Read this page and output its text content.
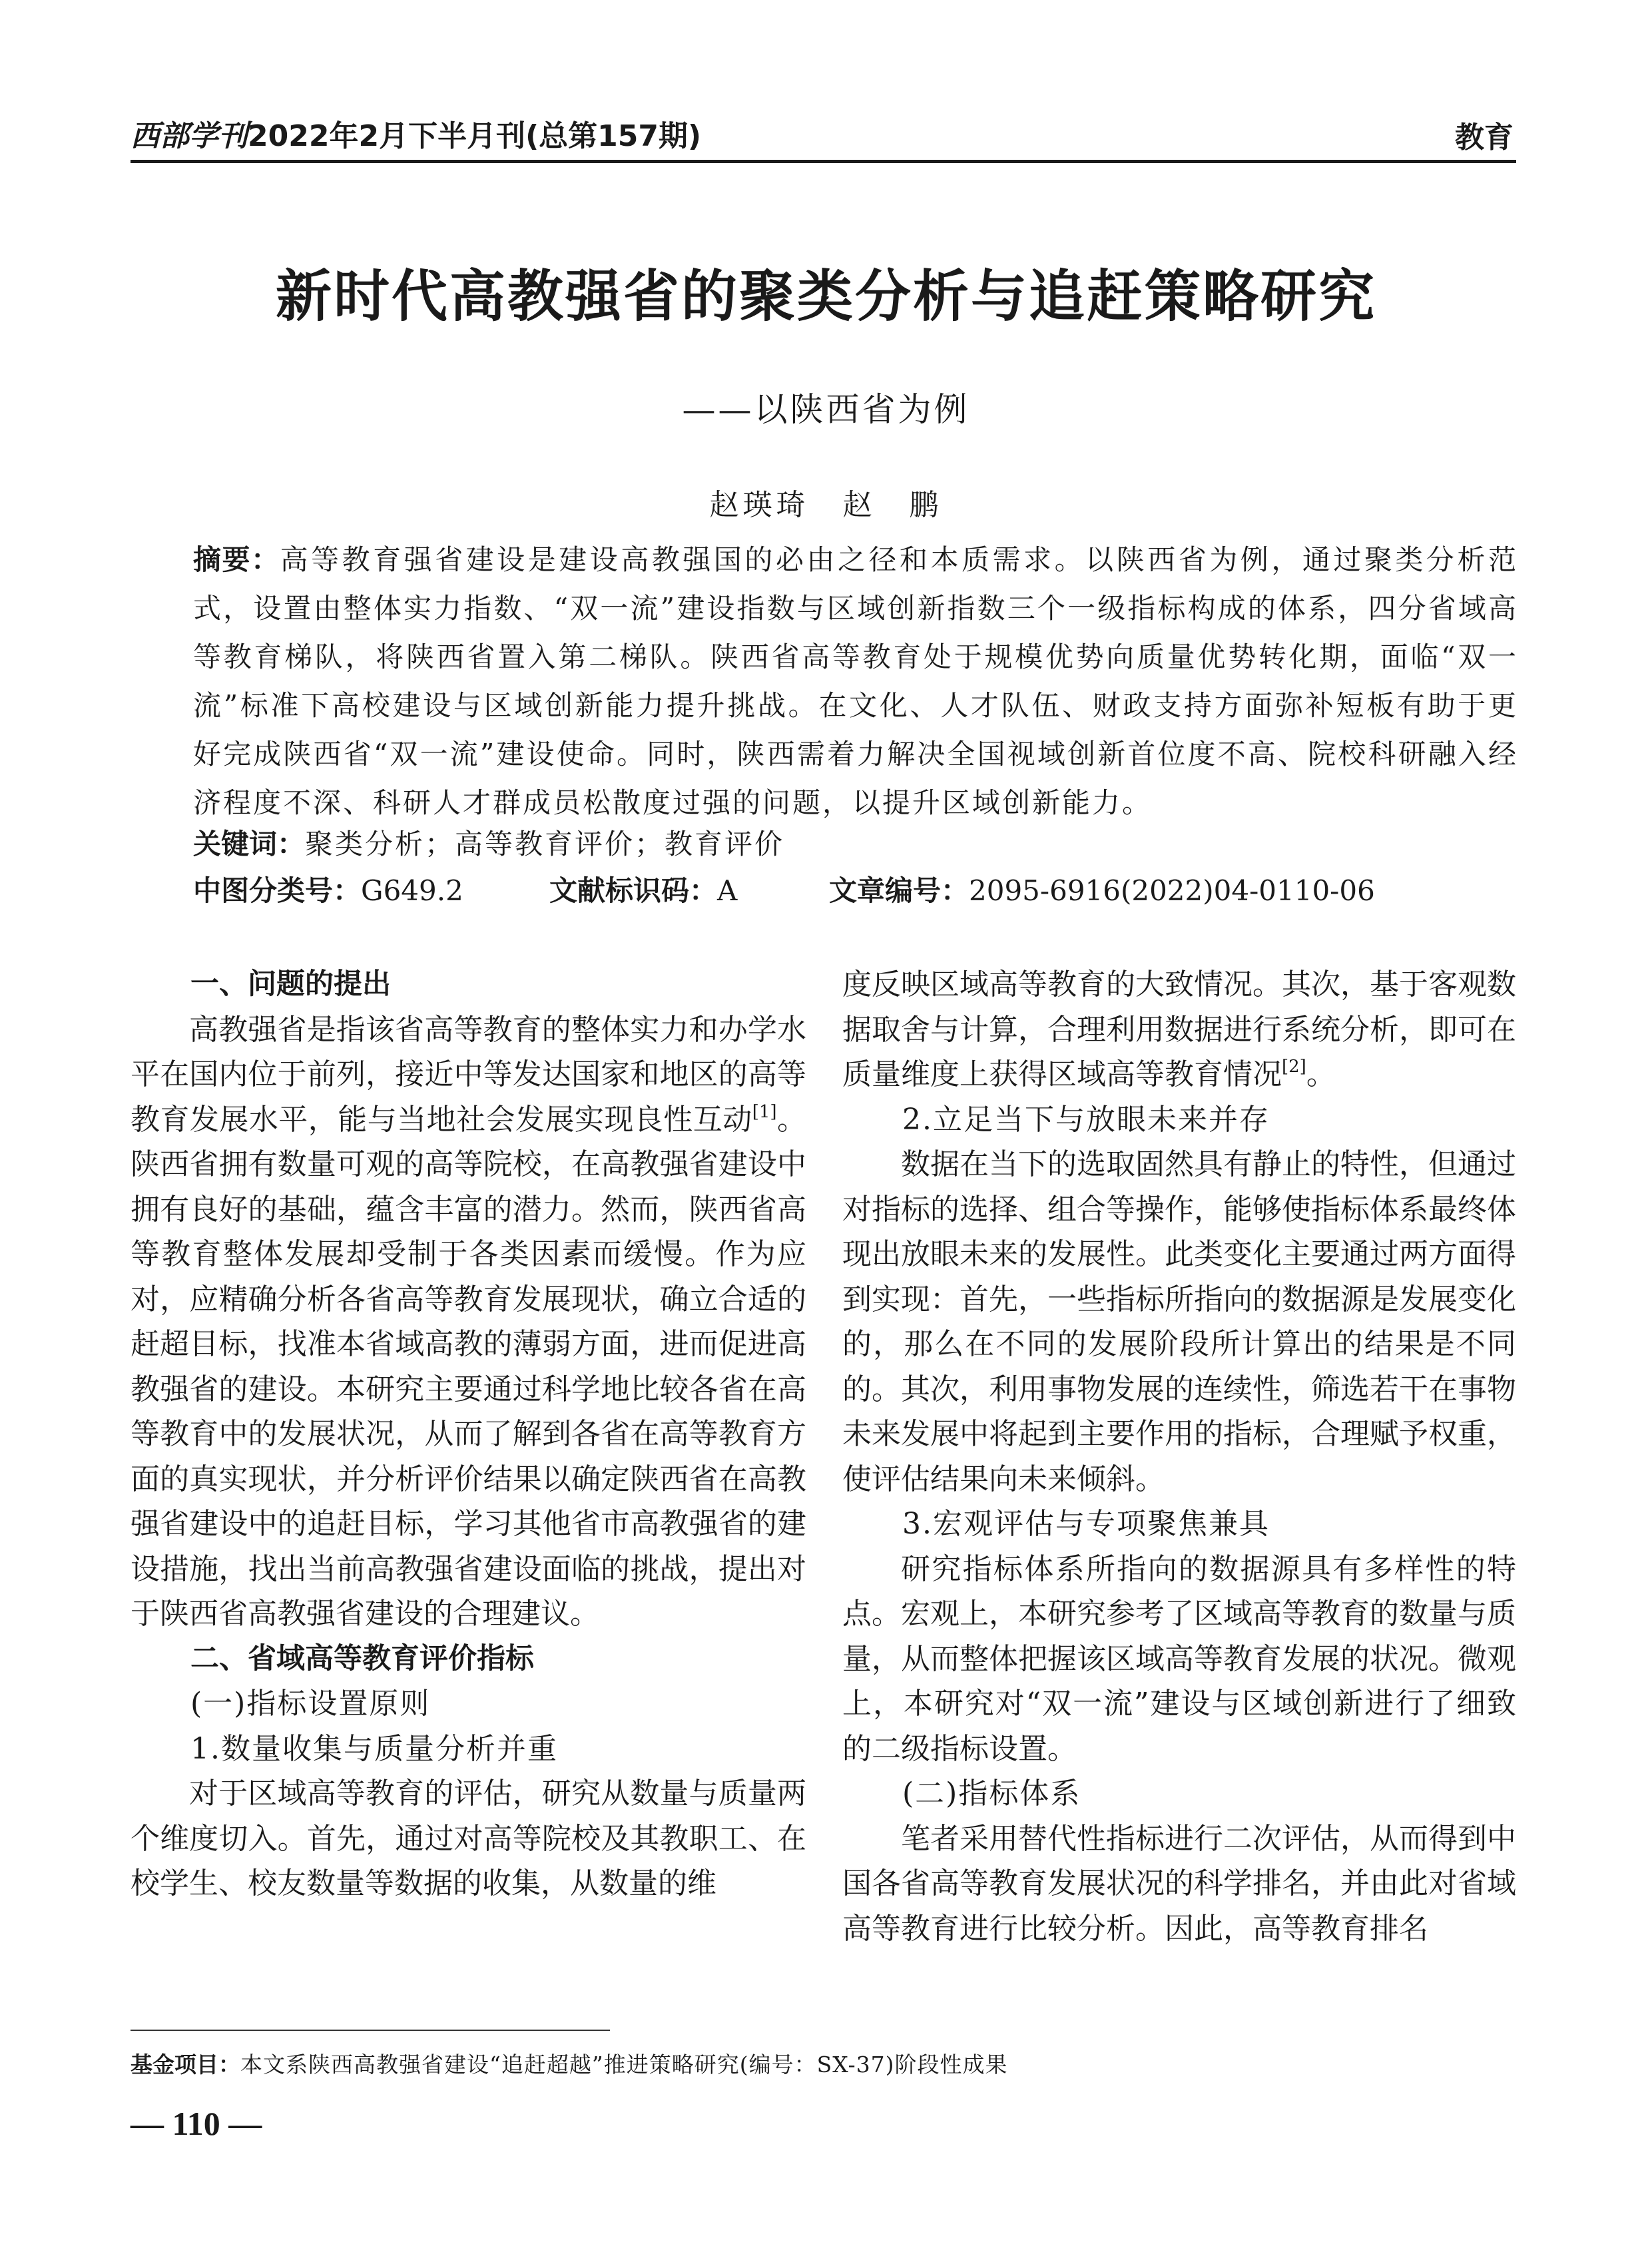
西部学刊2022年2月下半月刊(总第157期)	教育
新时代高教强省的聚类分析与追赶策略研究
——以陕西省为例
赵瑛琦　赵　鹏
摘要：高等教育强省建设是建设高教强国的必由之径和本质需求。以陕西省为例，通过聚类分析范式，设置由整体实力指数、“双一流”建设指数与区域创新指数三个一级指标构成的体系，四分省域高等教育梯队，将陕西省置入第二梯队。陕西省高等教育处于规模优势向质量优势转化期，面临“双一流”标准下高校建设与区域创新能力提升挑战。在文化、人才队伍、财政支持方面弥补短板有助于更好完成陕西省“双一流”建设使命。同时，陕西需着力解决全国视域创新首位度不高、院校科研融入经济程度不深、科研人才群成员松散度过强的问题，以提升区域创新能力。
关键词：聚类分析；高等教育评价；教育评价
中图分类号：G649.2	文献标识码：A	文章编号：2095-6916(2022)04-0110-06
一、问题的提出

高教强省是指该省高等教育的整体实力和办学水平在国内位于前列，接近中等发达国家和地区的高等教育发展水平，能与当地社会发展实现良性互动[1]。陕西省拥有数量可观的高等院校，在高教强省建设中拥有良好的基础，蕴含丰富的潜力。然而，陕西省高等教育整体发展却受制于各类因素而缓慢。作为应对，应精确分析各省高等教育发展现状，确立合适的赶超目标，找准本省域高教的薄弱方面，进而促进高教强省的建设。本研究主要通过科学地比较各省在高等教育中的发展状况，从而了解到各省在高等教育方面的真实现状，并分析评价结果以确定陕西省在高教强省建设中的追赶目标，学习其他省市高教强省的建设措施，找出当前高教强省建设面临的挑战，提出对于陕西省高教强省建设的合理建议。

二、省域高等教育评价指标
(一)指标设置原则
1.数量收集与质量分析并重

对于区域高等教育的评估，研究从数量与质量两个维度切入。首先，通过对高等院校及其教职工、在校学生、校友数量等数据的收集，从数量的维

度反映区域高等教育的大致情况。其次，基于客观数据取舍与计算，合理利用数据进行系统分析，即可在质量维度上获得区域高等教育情况[2]。

2.立足当下与放眼未来并存

数据在当下的选取固然具有静止的特性，但通过对指标的选择、组合等操作，能够使指标体系最终体现出放眼未来的发展性。此类变化主要通过两方面得到实现：首先，一些指标所指向的数据源是发展变化的，那么在不同的发展阶段所计算出的结果是不同的。其次，利用事物发展的连续性，筛选若干在事物未来发展中将起到主要作用的指标，合理赋予权重，使评估结果向未来倾斜。

3.宏观评估与专项聚焦兼具

研究指标体系所指向的数据源具有多样性的特点。宏观上，本研究参考了区域高等教育的数量与质量，从而整体把握该区域高等教育发展的状况。微观上，本研究对“双一流”建设与区域创新进行了细致的二级指标设置。

(二)指标体系

笔者采用替代性指标进行二次评估，从而得到中国各省高等教育发展状况的科学排名，并由此对省域高等教育进行比较分析。因此，高等教育排名

基金项目：本文系陕西高教强省建设“追赶超越”推进策略研究(编号：SX-37)阶段性成果
— 110 —
